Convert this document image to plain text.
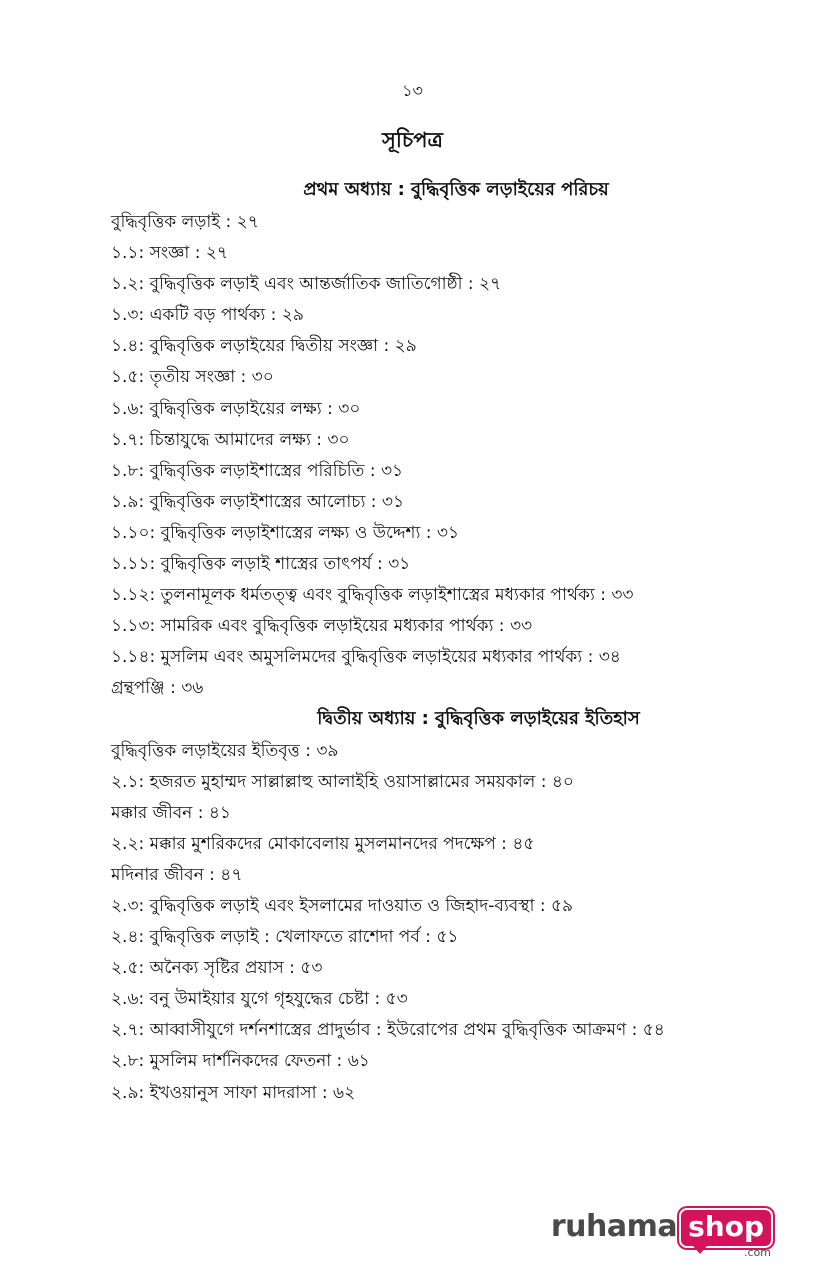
১৩
সূচিপত্র
প্রথম অধ্যায় : বুদ্ধিবৃত্তিক লড়াইয়ের পরিচয়
বুদ্ধিবৃত্তিক লড়াই : ২৭
১.১: সংজ্ঞা : ২৭
১.২: বুদ্ধিবৃত্তিক লড়াই এবং আন্তর্জাতিক জাতিগোষ্ঠী : ২৭
১.৩: একটি বড় পার্থক্য : ২৯
১.৪: বুদ্ধিবৃত্তিক লড়াইয়ের দ্বিতীয় সংজ্ঞা : ২৯
১.৫: তৃতীয় সংজ্ঞা : ৩০
১.৬: বুদ্ধিবৃত্তিক লড়াইয়ের লক্ষ্য : ৩০
১.৭: চিন্তাযুদ্ধে আমাদের লক্ষ্য : ৩০
১.৮: বুদ্ধিবৃত্তিক লড়াইশাস্ত্রের পরিচিতি : ৩১
১.৯: বুদ্ধিবৃত্তিক লড়াইশাস্ত্রের আলোচ্য : ৩১
১.১০: বুদ্ধিবৃত্তিক লড়াইশাস্ত্রের লক্ষ্য ও উদ্দেশ্য : ৩১
১.১১: বুদ্ধিবৃত্তিক লড়াই শাস্ত্রের তাৎপর্য : ৩১
১.১২: তুলনামূলক ধর্মতত্ত্ব এবং বুদ্ধিবৃত্তিক লড়াইশাস্ত্রের মধ্যকার পার্থক্য : ৩৩
১.১৩: সামরিক এবং বুদ্ধিবৃত্তিক লড়াইয়ের মধ্যকার পার্থক্য : ৩৩
১.১৪: মুসলিম এবং অমুসলিমদের বুদ্ধিবৃত্তিক লড়াইয়ের মধ্যকার পার্থক্য : ৩৪
গ্রন্থপঞ্জি : ৩৬
দ্বিতীয় অধ্যায় : বুদ্ধিবৃত্তিক লড়াইয়ের ইতিহাস
বুদ্ধিবৃত্তিক লড়াইয়ের ইতিবৃত্ত : ৩৯
২.১: হজরত মুহাম্মদ সাল্লাল্লাহু আলাইহি ওয়াসাল্লামের সময়কাল : ৪০
মক্কার জীবন : ৪১
২.২: মক্কার মুশরিকদের মোকাবেলায় মুসলমানদের পদক্ষেপ : ৪৫
মদিনার জীবন : ৪৭
২.৩: বুদ্ধিবৃত্তিক লড়াই এবং ইসলামের দাওয়াত ও জিহাদ-ব্যবস্থা : ৫৯
২.৪: বুদ্ধিবৃত্তিক লড়াই : খেলাফতে রাশেদা পর্ব : ৫১
২.৫: অনৈক্য সৃষ্টির প্রয়াস : ৫৩
২.৬: বনু উমাইয়ার যুগে গৃহযুদ্ধের চেষ্টা : ৫৩
২.৭: আব্বাসীযুগে দর্শনশাস্ত্রের প্রাদুর্ভাব : ইউরোপের প্রথম বুদ্ধিবৃত্তিক আক্রমণ : ৫৪
২.৮: মুসলিম দার্শনিকদের ফেতনা : ৬১
২.৯: ইখওয়ানুস সাফা মাদরাসা : ৬২
ruhama shop
.com
